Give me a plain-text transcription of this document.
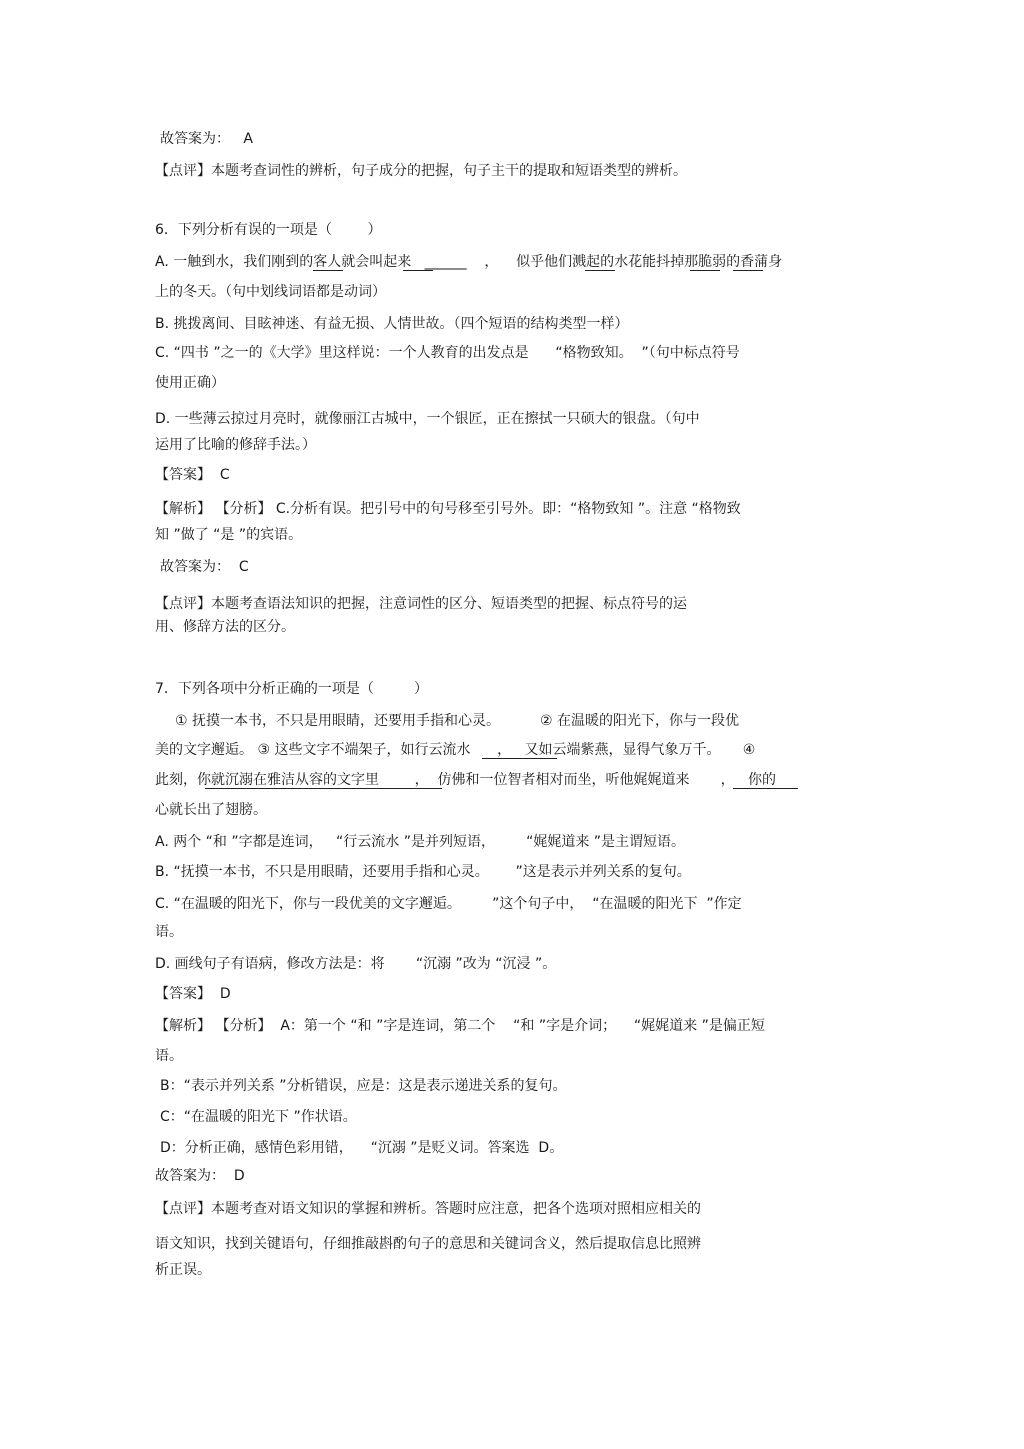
故答案为：   A
【点评】本题考查词性的辨析，句子成分的把握，句子主干的提取和短语类型的辨析。
6．下列分析有误的一项是（        ）
A. 一触到水，我们刚到的客人就会叫起来   ______    ，    似乎他们溅起的水花能抖掉那脆弱的香蒲身
上的冬天。（句中划线词语都是动词）
B. 挑拨离间、目眩神迷、有益无损、人情世故。（四个短语的结构类型一样）
C. “四书 ”之一的《大学》里这样说：一个人教育的出发点是      “格物致知。  ”（句中标点符号
使用正确）
D. 一些薄云掠过月亮时，就像丽江古城中，一个银匠，正在擦拭一只硕大的银盘。（句中
运用了比喻的修辞手法。）
【答案】  C
【解析】 【分析】 C.分析有误。把引号中的句号移至引号外。即：“格物致知 ”。注意 “格物致
知 ”做了 “是 ”的宾语。
故答案为：  C
【点评】本题考查语法知识的把握，注意词性的区分、短语类型的把握、标点符号的运
用、修辞方法的区分。
7．下列各项中分析正确的一项是（         ）
① 抚摸一本书，不只是用眼睛，还要用手指和心灵。         ② 在温暖的阳光下，你与一段优
美的文字邂逅。 ③ 这些文字不端架子，如行云流水      ，   又如云端紫燕，显得气象万千。     ④
此刻，你就沉溺在雅洁从容的文字里        ，  仿佛和一位智者相对而坐，听他娓娓道来       ，   你的
心就长出了翅膀。
A. 两个 “和 ”字都是连词，   “行云流水 ”是并列短语，       “娓娓道来 ”是主谓短语。
B. “抚摸一本书，不只是用眼睛，还要用手指和心灵。      ”这是表示并列关系的复句。
C. “在温暖的阳光下，你与一段优美的文字邂逅。       ”这个句子中，  “在温暖的阳光下  ”作定
语。
D. 画线句子有语病，修改方法是：将       “沉溺 ”改为 “沉浸 ”。
【答案】  D
【解析】 【分析】  A：第一个 “和 ”字是连词，第二个    “和 ”字是介词；    “娓娓道来 ”是偏正短
语。
B：“表示并列关系 ”分析错误，应是：这是表示递进关系的复句。
C：“在温暖的阳光下 ”作状语。
D：分析正确，感情色彩用错，    “沉溺 ”是贬义词。答案选  D。
故答案为：  D
【点评】本题考查对语文知识的掌握和辨析。答题时应注意，把各个选项对照相应相关的
语文知识，找到关键语句，仔细推敲斟酌句子的意思和关键词含义，然后提取信息比照辨
析正误。
